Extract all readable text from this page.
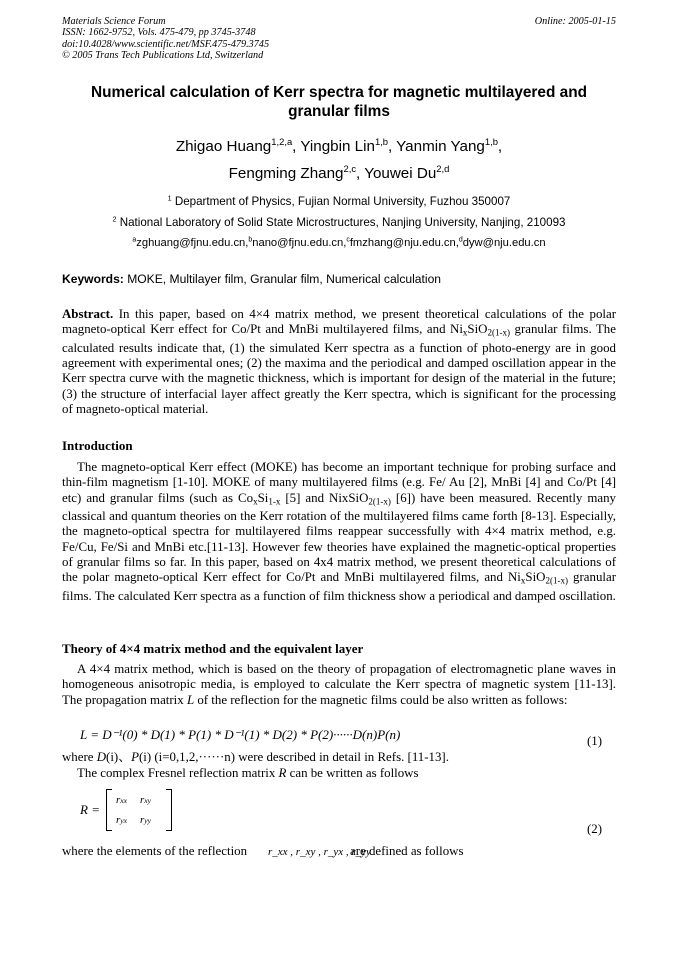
Materials Science Forum
ISSN: 1662-9752, Vols. 475-479, pp 3745-3748
doi:10.4028/www.scientific.net/MSF.475-479.3745
© 2005 Trans Tech Publications Ltd, Switzerland
Online: 2005-01-15
Numerical calculation of Kerr spectra for magnetic multilayered and
granular films
Zhigao Huang$^{1,2,a}$, Yingbin Lin$^{1,b}$, Yanmin Yang$^{1,b}$,
Fengming Zhang$^{2,c}$, Youwei Du$^{2,d}$
$^1$ Department of Physics, Fujian Normal University, Fuzhou 350007
$^2$ National Laboratory of Solid State Microstructures, Nanjing University, Nanjing, 210093
$^a$zghuang@fjnu.edu.cn,$^b$nano@fjnu.edu.cn,$^c$fmzhang@nju.edu.cn,$^d$dyw@nju.edu.cn
Keywords: MOKE, Multilayer film, Granular film, Numerical calculation
Abstract. In this paper, based on 4×4 matrix method, we present theoretical calculations of the polar magneto-optical Kerr effect for Co/Pt and MnBi multilayered films, and $Ni_xSiO_{2(1-x)}$ granular films. The calculated results indicate that, (1) the simulated Kerr spectra as a function of photo-energy are in good agreement with experimental ones; (2) the maxima and the periodical and damped oscillation appear in the Kerr spectra curve with the magnetic thickness, which is important for design of the material in the future; (3) the structure of interfacial layer affect greatly the Kerr spectra, which is significant for the processing of magneto-optical material.
Introduction
The magneto-optical Kerr effect (MOKE) has become an important technique for probing surface and thin-film magnetism [1-10]. MOKE of many multilayered films (e.g. Fe/ Au [2], MnBi [4] and Co/Pt [4] etc) and granular films (such as $Co_xSi_{1-x}$ [5] and NixSiO$_{2(1-x)}$ [6]) have been measured. Recently many classical and quantum theories on the Kerr rotation of the multilayered films came forth [8-13]. Especially, the magneto-optical spectra for multilayered films reappear successfully with 4×4 matrix method, e.g. Fe/Cu, Fe/Si and MnBi etc.[11-13]. However few theories have explained the magnetic-optical properties of granular films so far. In this paper, based on 4x4 matrix method, we present theoretical calculations of the polar magneto-optical Kerr effect for Co/Pt and MnBi multilayered films, and $Ni_xSiO_{2(1-x)}$ granular films. The calculated Kerr spectra as a function of film thickness show a periodical and damped oscillation.
Theory of 4×4 matrix method and the equivalent layer
A 4×4 matrix method, which is based on the theory of propagation of electromagnetic plane waves in homogeneous anisotropic media, is employed to calculate the Kerr spectra of magnetic system [11-13]. The propagation matrix L of the reflection for the magnetic films could be also written as follows:
L = D⁻¹(0) * D(1) * P(1) * D⁻¹(1) * D(2) * P(2)······D(n)P(n)	(1)
where D(i)、P(i) (i=0,1,2,······n) were described in detail in Refs. [11-13].
The complex Fresnel reflection matrix R can be written as follows
R =
r xx r xy
r yx r yy
(2)
where the elements of the reflection	r_xx , r_xy , r_yx , r_yy
are defined as follows
